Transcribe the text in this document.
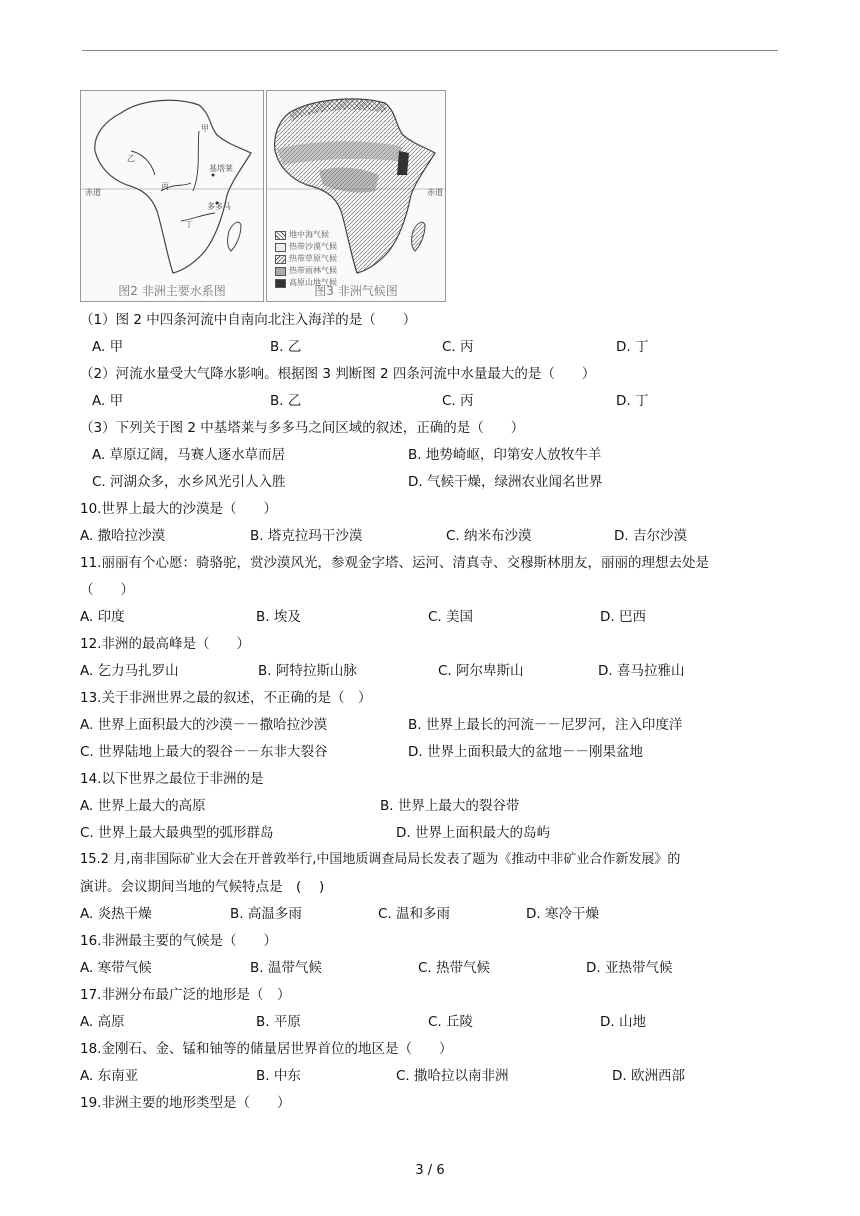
甲
乙
丙
丁
基塔莱
多多马
赤道
图2 非洲主要水系图
赤道
地中海气候
热带沙漠气候
热带草原气候
热带雨林气候
高原山地气候
图3 非洲气候图
（1）图 2 中四条河流中自南向北注入海洋的是（　　）
A. 甲	B. 乙	C. 丙	D. 丁
（2）河流水量受大气降水影响。根据图 3 判断图 2 四条河流中水量最大的是（　　）
A. 甲	B. 乙	C. 丙	D. 丁
（3）下列关于图 2 中基塔莱与多多马之间区域的叙述，正确的是（　　）
A. 草原辽阔，马赛人逐水草而居	B. 地势崎岖，印第安人放牧牛羊
C. 河湖众多，水乡风光引人入胜	D. 气候干燥，绿洲农业闻名世界
10.世界上最大的沙漠是（　　）
A. 撒哈拉沙漠	B. 塔克拉玛干沙漠	C. 纳米布沙漠	D. 吉尔沙漠
11.丽丽有个心愿：骑骆驼，赏沙漠风光，参观金字塔、运河、清真寺、交穆斯林朋友，丽丽的理想去处是
（　　）
A. 印度	B. 埃及	C. 美国	D. 巴西
12.非洲的最高峰是（　　）
A. 乞力马扎罗山	B. 阿特拉斯山脉	C. 阿尔卑斯山	D. 喜马拉雅山
13.关于非洲世界之最的叙述，不正确的是（　）
A. 世界上面积最大的沙漠－－撒哈拉沙漠	B. 世界上最长的河流－－尼罗河，注入印度洋
C. 世界陆地上最大的裂谷－－东非大裂谷	D. 世界上面积最大的盆地－－刚果盆地
14.以下世界之最位于非洲的是
A. 世界上最大的高原	B. 世界上最大的裂谷带
C. 世界上最大最典型的弧形群岛	D. 世界上面积最大的岛屿
15.2 月,南非国际矿业大会在开普敦举行,中国地质调查局局长发表了题为《推动中非矿业合作新发展》的
演讲。会议期间当地的气候特点是　(　 )
A. 炎热干燥	B. 高温多雨	C. 温和多雨	D. 寒冷干燥
16.非洲最主要的气候是（　　）
A. 寒带气候	B. 温带气候	C. 热带气候	D. 亚热带气候
17.非洲分布最广泛的地形是（　）
A. 高原	B. 平原	C. 丘陵	D. 山地
18.金刚石、金、锰和铀等的储量居世界首位的地区是（　　）
A. 东南亚	B. 中东	C. 撒哈拉以南非洲	D. 欧洲西部
19.非洲主要的地形类型是（　　）
3 / 6
